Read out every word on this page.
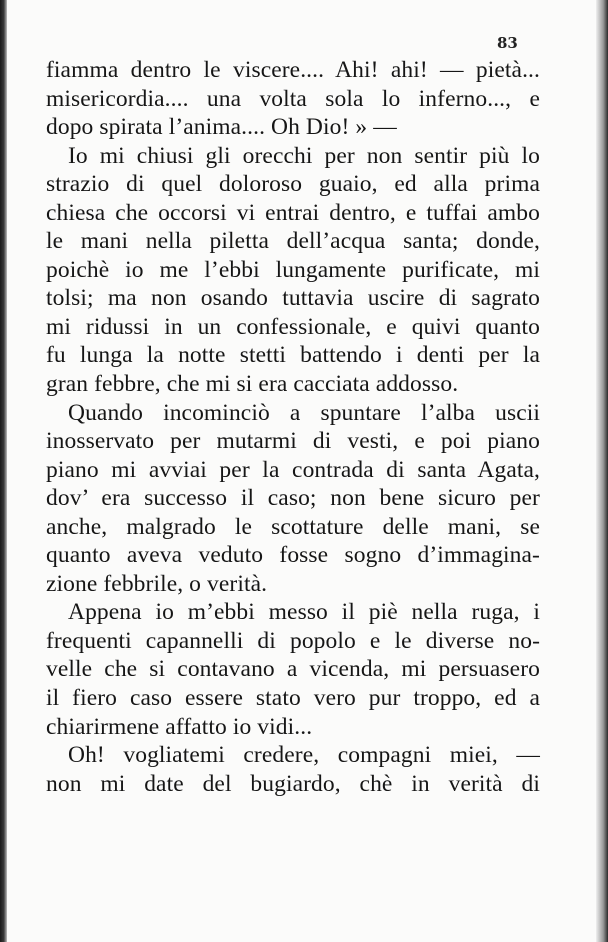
83
fiamma dentro le viscere.... Ahi! ahi! — pietà...
misericordia.... una volta sola lo inferno..., e
dopo spirata l’anima.... Oh Dio! » —
Io mi chiusi gli orecchi per non sentir più lo
strazio di quel doloroso guaio, ed alla prima
chiesa che occorsi vi entrai dentro, e tuffai ambo
le mani nella piletta dell’acqua santa; donde,
poichè io me l’ebbi lungamente purificate, mi
tolsi; ma non osando tuttavia uscire di sagrato
mi ridussi in un confessionale, e quivi quanto
fu lunga la notte stetti battendo i denti per la
gran febbre, che mi si era cacciata addosso.
Quando incominciò a spuntare l’alba uscii
inosservato per mutarmi di vesti, e poi piano
piano mi avviai per la contrada di santa Agata,
dov’ era successo il caso; non bene sicuro per
anche, malgrado le scottature delle mani, se
quanto aveva veduto fosse sogno d’immagina-
zione febbrile, o verità.
Appena io m’ebbi messo il piè nella ruga, i
frequenti capannelli di popolo e le diverse no-
velle che si contavano a vicenda, mi persuasero
il fiero caso essere stato vero pur troppo, ed a
chiarirmene affatto io vidi...
Oh! vogliatemi credere, compagni miei, —
non mi date del bugiardo, chè in verità di
